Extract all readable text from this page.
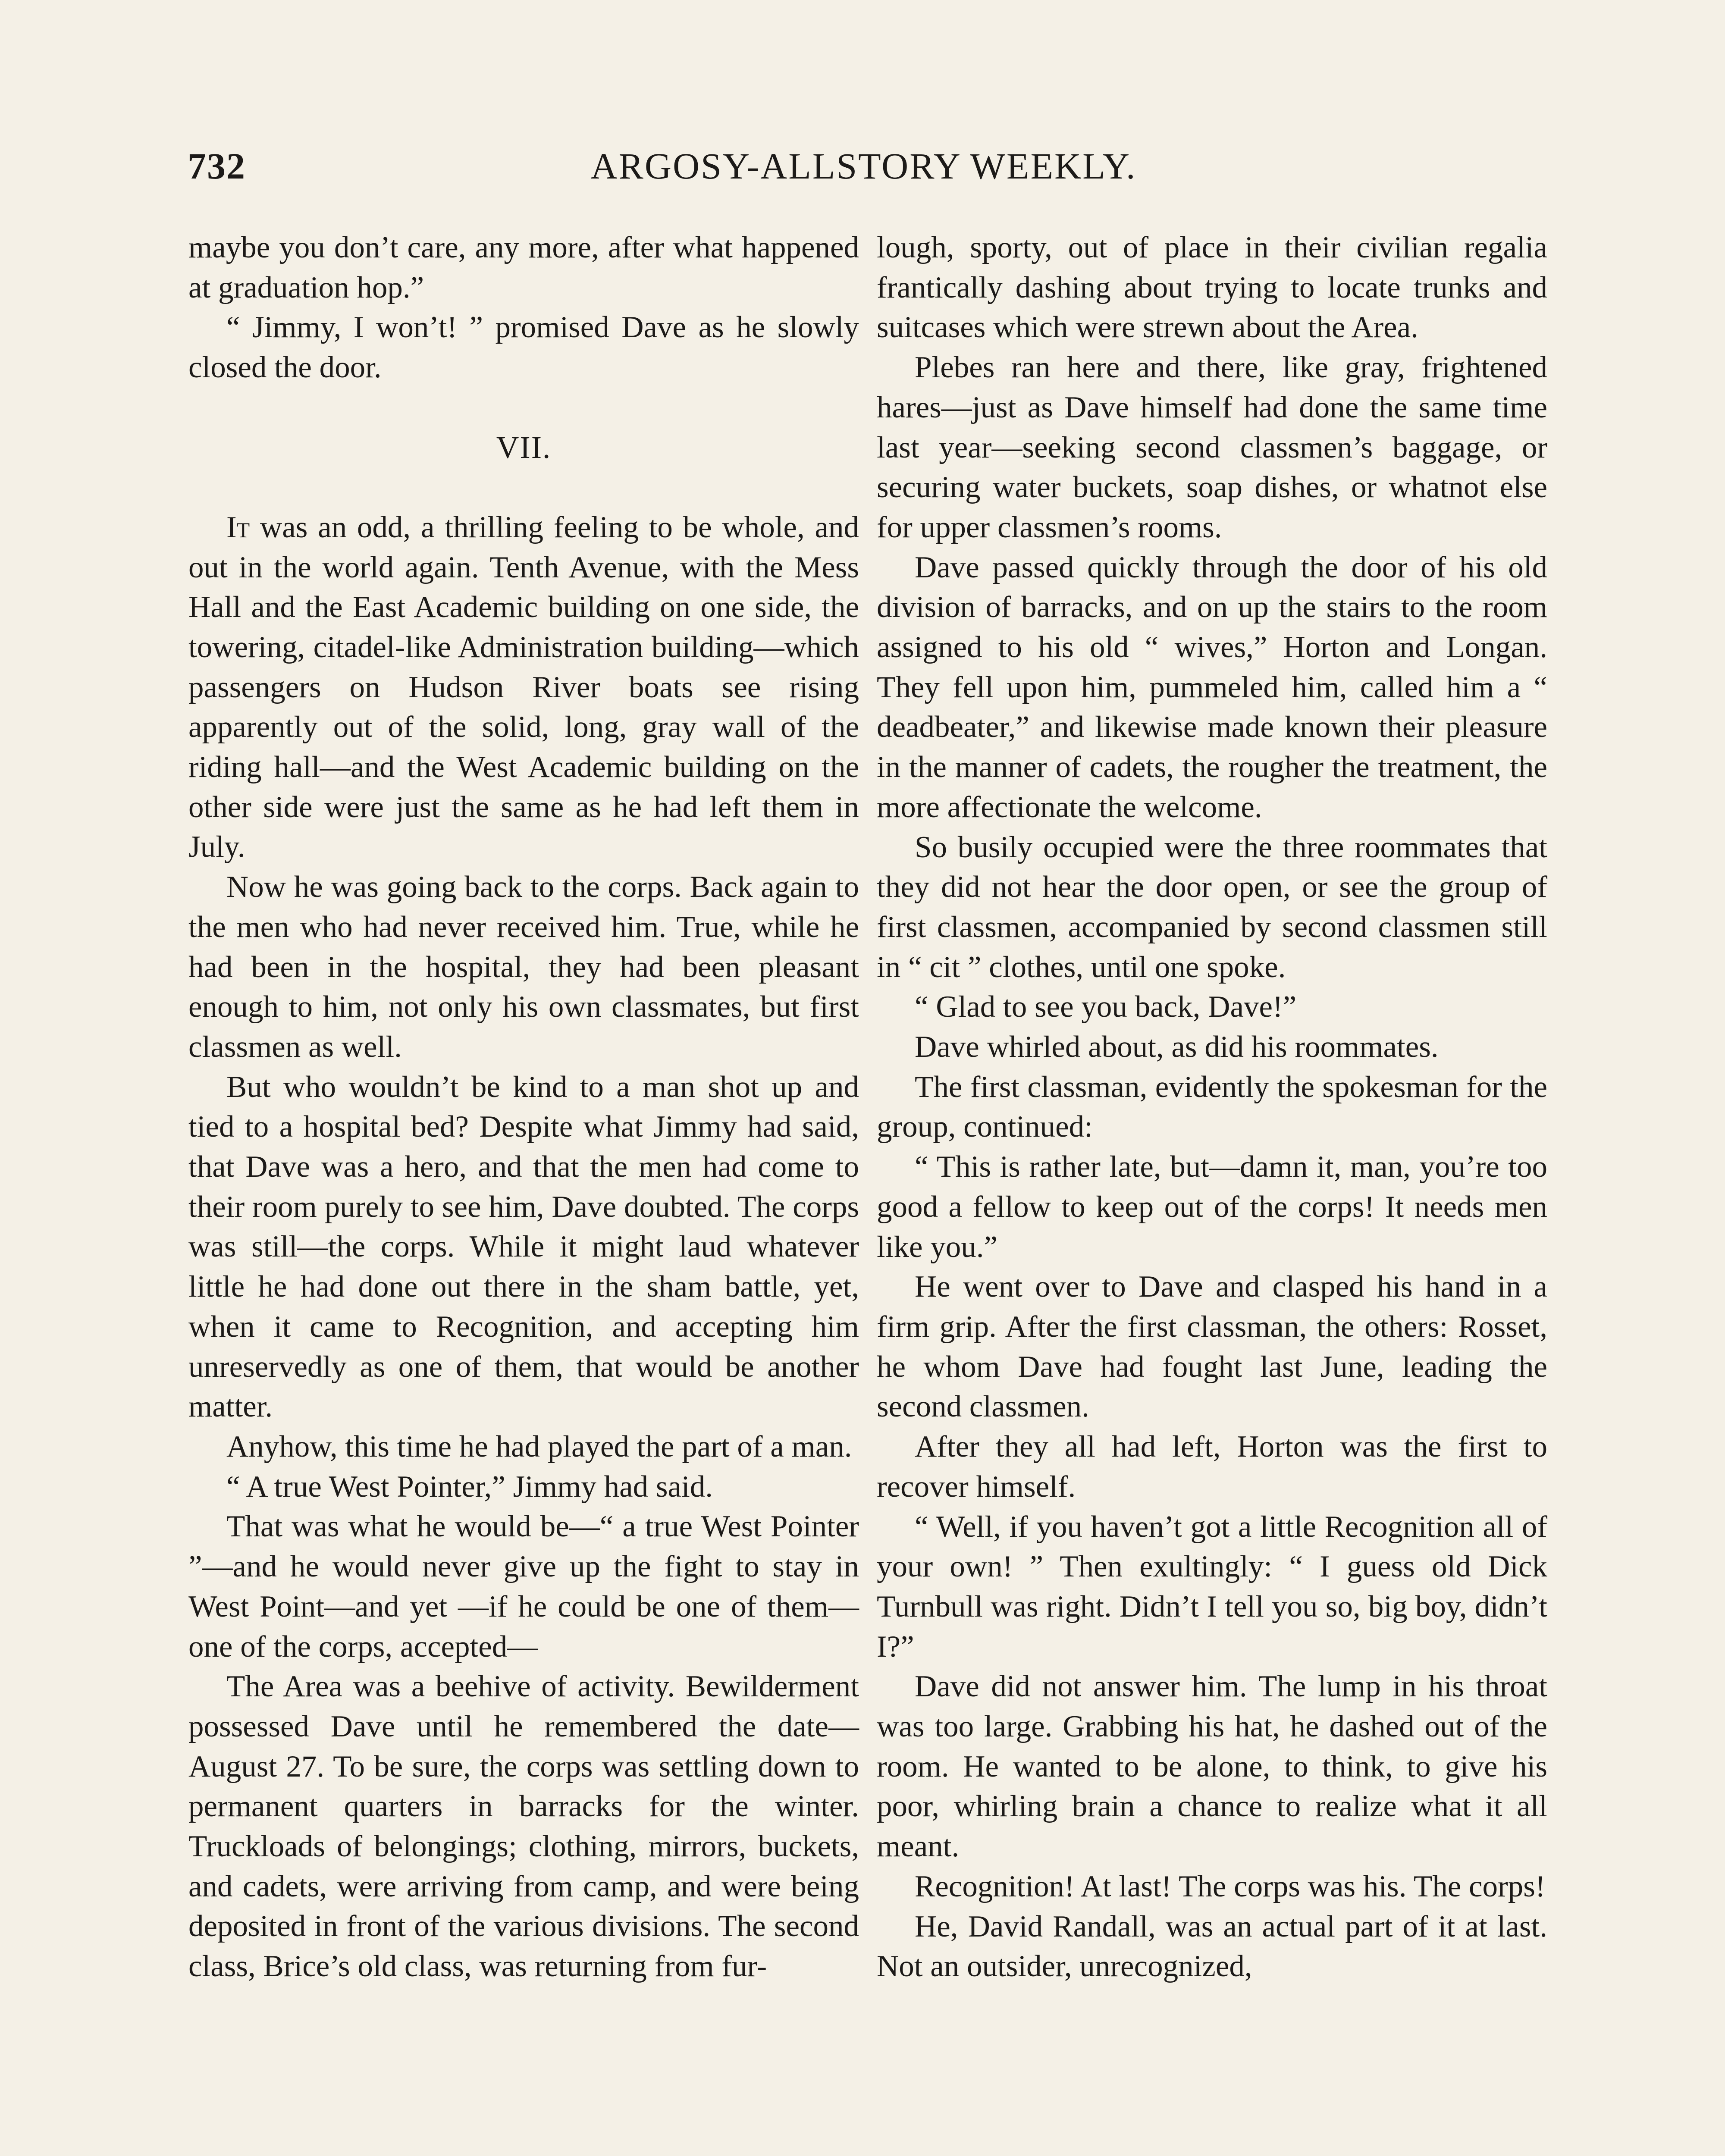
732	ARGOSY-ALLSTORY WEEKLY.

maybe you don’t care, any more, after what happened at graduation hop.”

“ Jimmy, I won’t! ” promised Dave as he slowly closed the door.

VII.

It was an odd, a thrilling feeling to be whole, and out in the world again. Tenth Avenue, with the Mess Hall and the East Academic building on one side, the towering, citadel-like Administration building—which passengers on Hudson River boats see rising apparently out of the solid, long, gray wall of the riding hall—and the West Academic building on the other side were just the same as he had left them in July.

Now he was going back to the corps. Back again to the men who had never received him. True, while he had been in the hospital, they had been pleasant enough to him, not only his own classmates, but first classmen as well.

But who wouldn’t be kind to a man shot up and tied to a hospital bed? Despite what Jimmy had said, that Dave was a hero, and that the men had come to their room purely to see him, Dave doubted. The corps was still—the corps. While it might laud whatever little he had done out there in the sham battle, yet, when it came to Recognition, and accepting him unreservedly as one of them, that would be another matter.

Anyhow, this time he had played the part of a man.

“ A true West Pointer,” Jimmy had said.

That was what he would be—“ a true West Pointer ”—and he would never give up the fight to stay in West Point—and yet —if he could be one of them—one of the corps, accepted—

The Area was a beehive of activity. Bewilderment possessed Dave until he remembered the date—August 27. To be sure, the corps was settling down to permanent quarters in barracks for the winter. Truckloads of belongings; clothing, mirrors, buckets, and cadets, were arriving from camp, and were being deposited in front of the various divisions. The second class, Brice’s old class, was returning from fur-

lough, sporty, out of place in their civilian regalia frantically dashing about trying to locate trunks and suitcases which were strewn about the Area.

Plebes ran here and there, like gray, frightened hares—just as Dave himself had done the same time last year—seeking second classmen’s baggage, or securing water buckets, soap dishes, or whatnot else for upper classmen’s rooms.

Dave passed quickly through the door of his old division of barracks, and on up the stairs to the room assigned to his old “ wives,” Horton and Longan. They fell upon him, pummeled him, called him a “ deadbeater,” and likewise made known their pleasure in the manner of cadets, the rougher the treatment, the more affectionate the welcome.

So busily occupied were the three roommates that they did not hear the door open, or see the group of first classmen, accompanied by second classmen still in “ cit ” clothes, until one spoke.

“ Glad to see you back, Dave!”

Dave whirled about, as did his roommates.

The first classman, evidently the spokesman for the group, continued:

“ This is rather late, but—damn it, man, you’re too good a fellow to keep out of the corps! It needs men like you.”

He went over to Dave and clasped his hand in a firm grip. After the first classman, the others: Rosset, he whom Dave had fought last June, leading the second classmen.

After they all had left, Horton was the first to recover himself.

“ Well, if you haven’t got a little Recognition all of your own! ” Then exultingly: “ I guess old Dick Turnbull was right. Didn’t I tell you so, big boy, didn’t I?”

Dave did not answer him. The lump in his throat was too large. Grabbing his hat, he dashed out of the room. He wanted to be alone, to think, to give his poor, whirling brain a chance to realize what it all meant.

Recognition! At last! The corps was his. The corps!

He, David Randall, was an actual part of it at last. Not an outsider, unrecognized,
